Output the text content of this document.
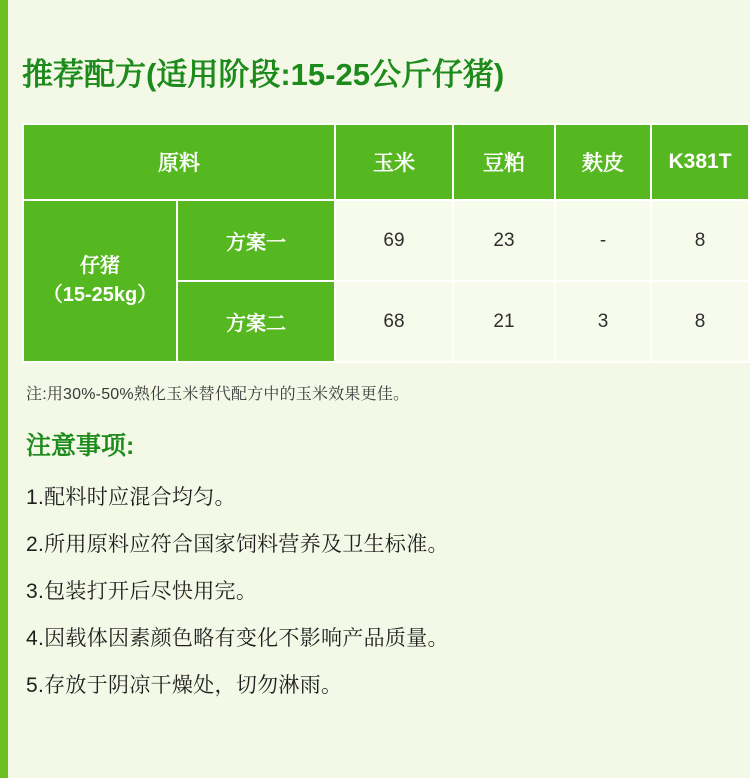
推荐配方(适用阶段:15-25公斤仔猪)
原料		玉米	豆粕	麸皮	K381T

仔猪
（15-25kg）	方案一	69	23	-	8
	方案二	68	21	3	8

注:用30%-50%熟化玉米替代配方中的玉米效果更佳。

注意事项:
1.配料时应混合均匀。
2.所用原料应符合国家饲料营养及卫生标准。
3.包装打开后尽快用完。
4.因载体因素颜色略有变化不影响产品质量。
5.存放于阴凉干燥处，切勿淋雨。
